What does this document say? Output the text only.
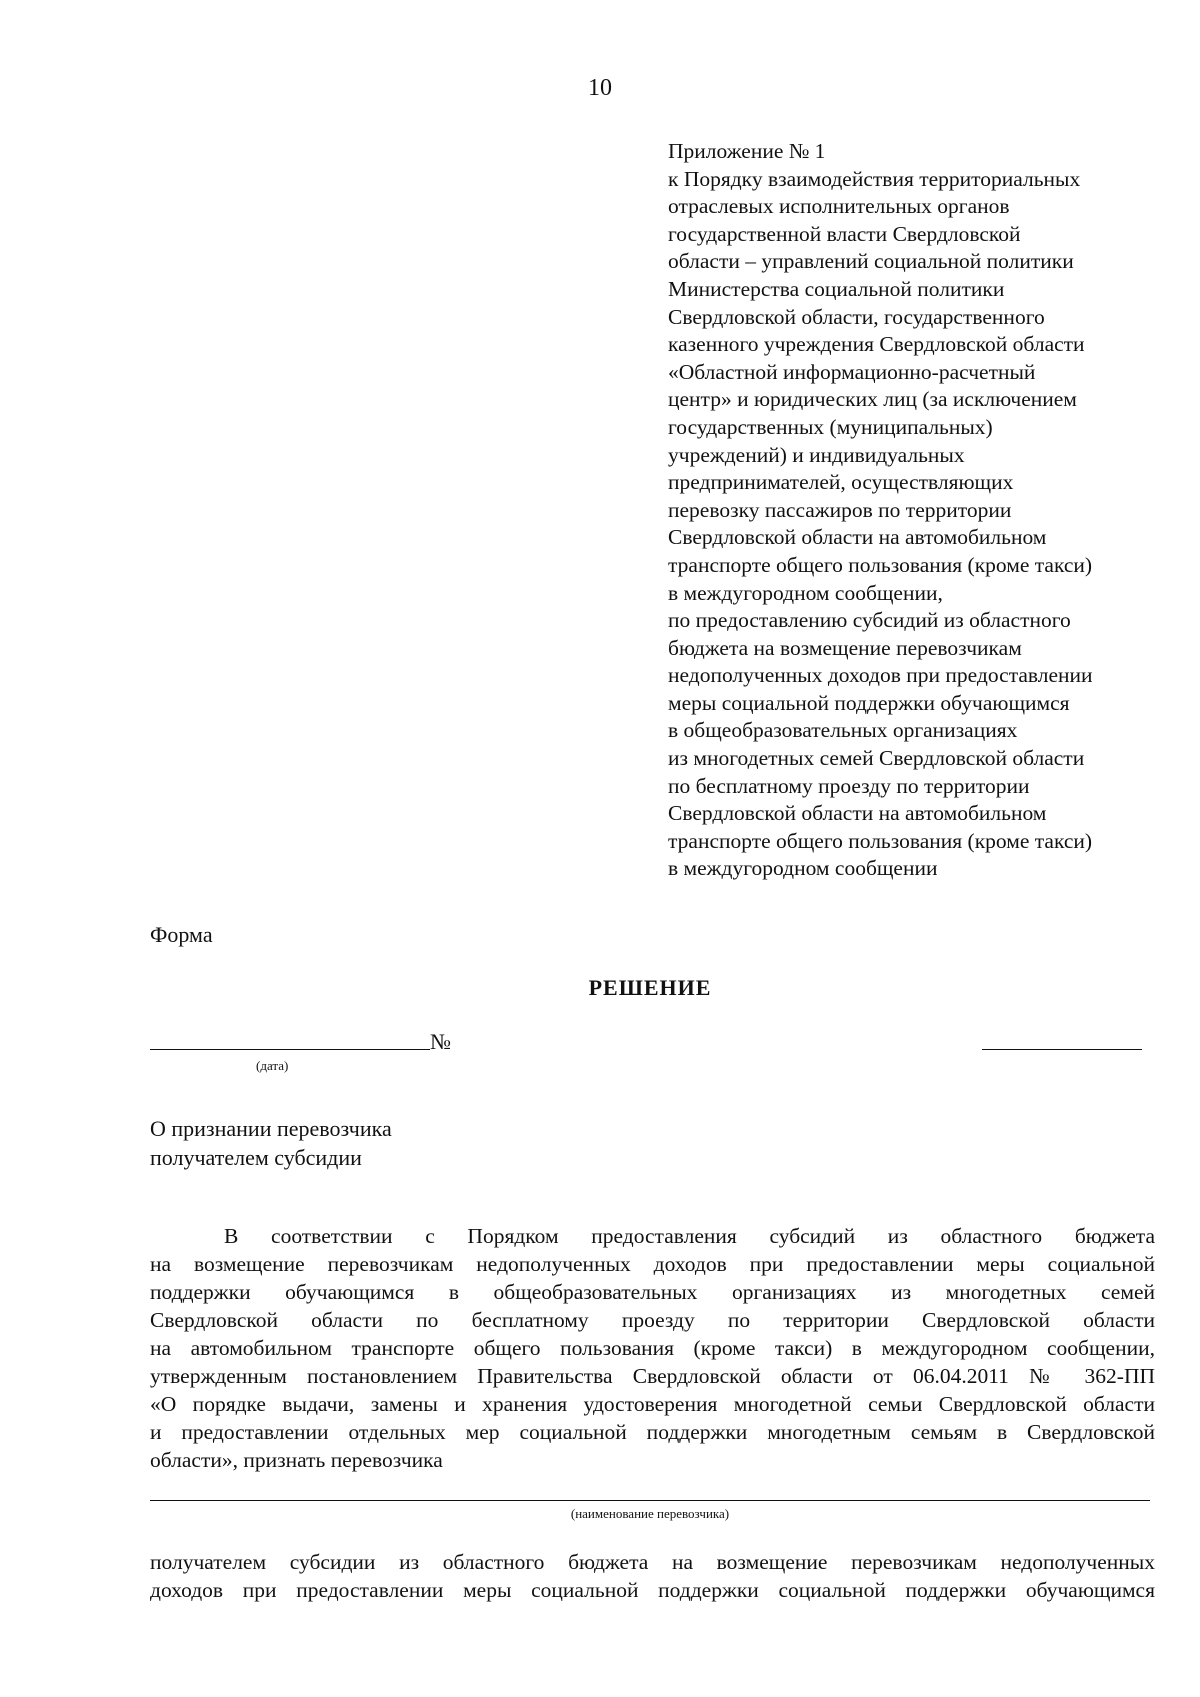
10
Приложение № 1
к Порядку взаимодействия территориальных
отраслевых исполнительных органов
государственной власти Свердловской
области – управлений социальной политики
Министерства социальной политики
Свердловской области, государственного
казенного учреждения Свердловской области
«Областной информационно-расчетный
центр» и юридических лиц (за исключением
государственных (муниципальных)
учреждений) и индивидуальных
предпринимателей, осуществляющих
перевозку пассажиров по территории
Свердловской области на автомобильном
транспорте общего пользования (кроме такси)
в междугородном сообщении,
по предоставлению субсидий из областного
бюджета на возмещение перевозчикам
недополученных доходов при предоставлении
меры социальной поддержки обучающимся
в общеобразовательных организациях
из многодетных семей Свердловской области
по бесплатному проезду по территории
Свердловской области на автомобильном
транспорте общего пользования (кроме такси)
в междугородном сообщении
Форма
РЕШЕНИЕ
(дата)
№
О признании перевозчика
получателем субсидии
В соответствии с Порядком предоставления субсидий из областного бюджета
на возмещение перевозчикам недополученных доходов при предоставлении меры социальной
поддержки обучающимся в общеобразовательных организациях из многодетных семей
Свердловской области по бесплатному проезду по территории Свердловской области
на автомобильном транспорте общего пользования (кроме такси) в междугородном сообщении,
утвержденным постановлением Правительства Свердловской области от 06.04.2011 № 362-ПП
«О порядке выдачи, замены и хранения удостоверения многодетной семьи Свердловской области
и предоставлении отдельных мер социальной поддержки многодетным семьям в Свердловской
области», признать перевозчика
(наименование перевозчика)
получателем субсидии из областного бюджета на возмещение перевозчикам недополученных
доходов при предоставлении меры социальной поддержки социальной поддержки обучающимся
